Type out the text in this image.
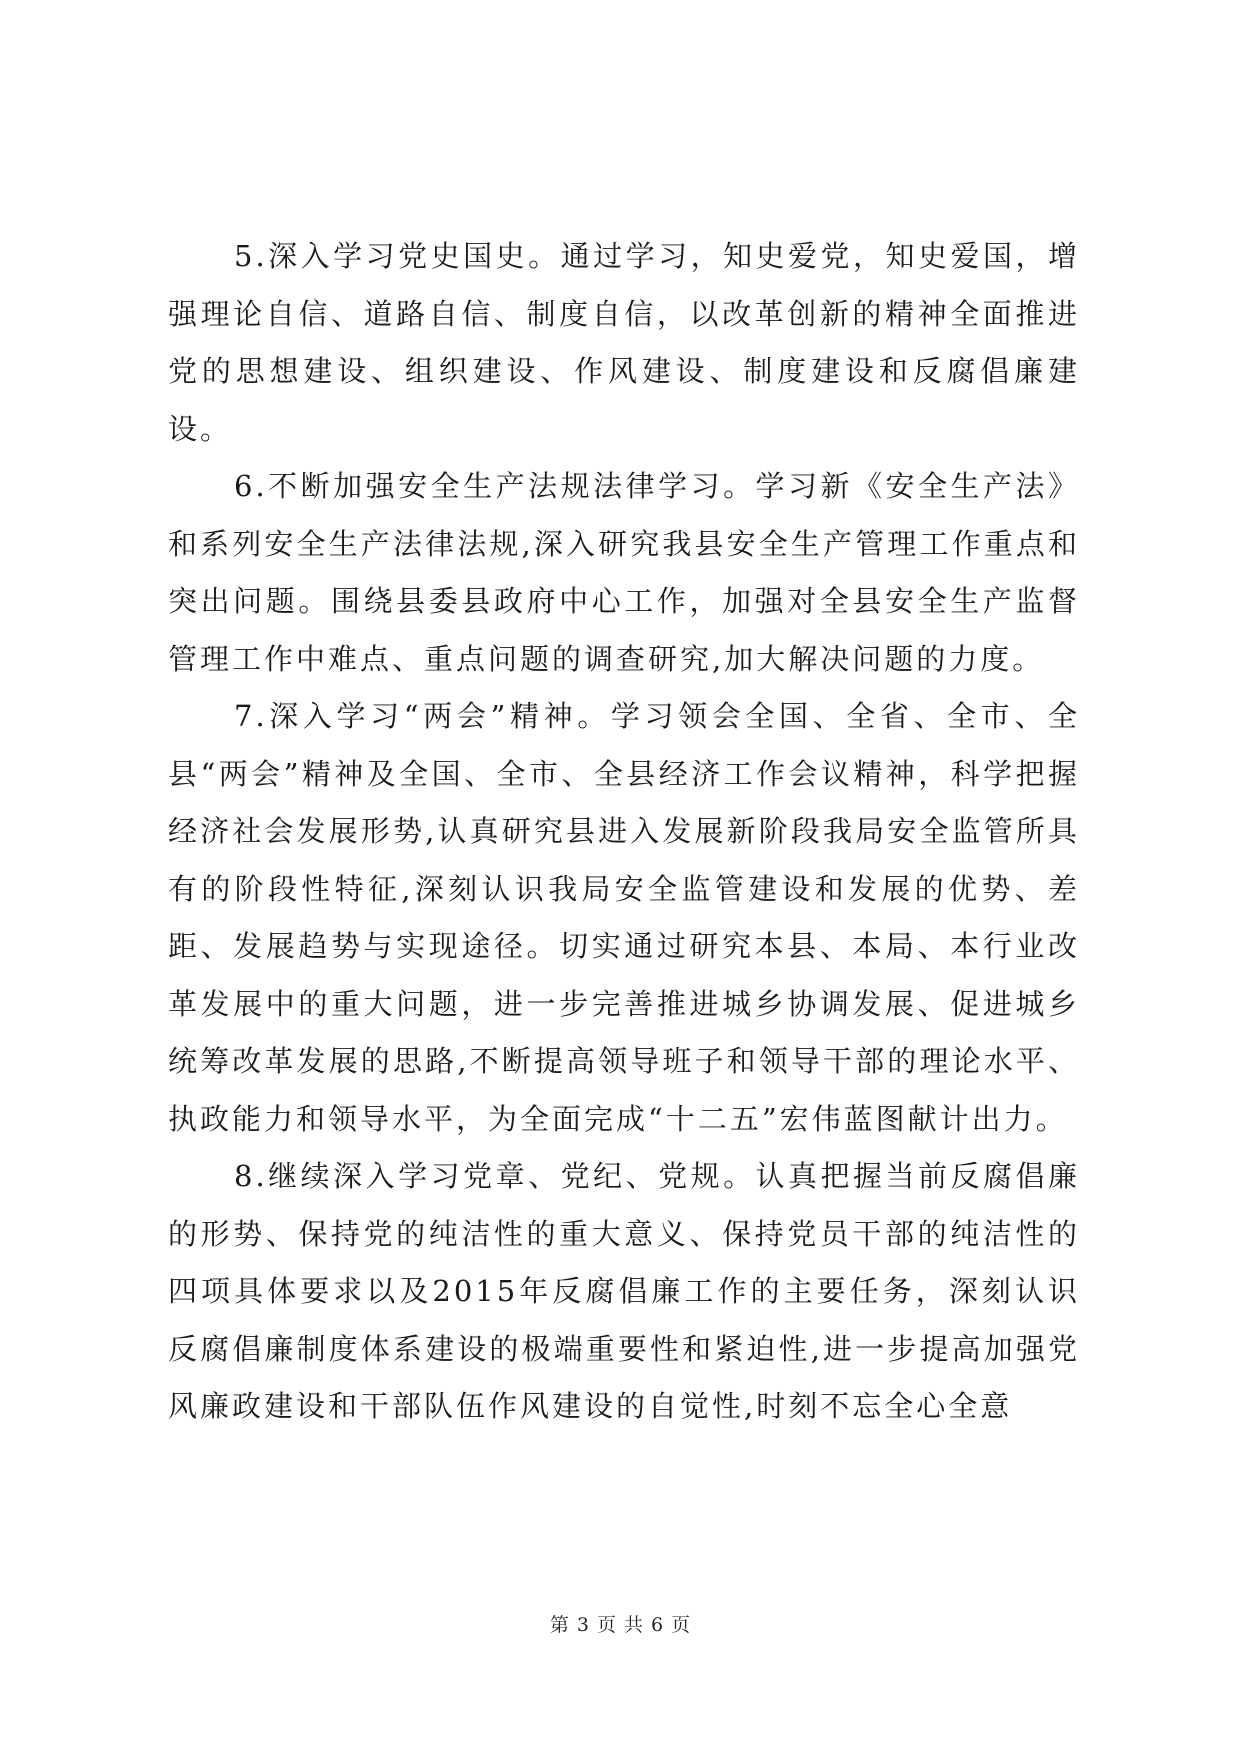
5.深入学习党史国史。通过学习，知史爱党，知史爱国，增强理论自信、道路自信、制度自信，以改革创新的精神全面推进党的思想建设、组织建设、作风建设、制度建设和反腐倡廉建设。

6.不断加强安全生产法规法律学习。学习新《安全生产法》和系列安全生产法律法规,深入研究我县安全生产管理工作重点和突出问题。围绕县委县政府中心工作，加强对全县安全生产监督管理工作中难点、重点问题的调查研究,加大解决问题的力度。

7.深入学习“两会”精神。学习领会全国、全省、全市、全县“两会”精神及全国、全市、全县经济工作会议精神，科学把握经济社会发展形势,认真研究县进入发展新阶段我局安全监管所具有的阶段性特征,深刻认识我局安全监管建设和发展的优势、差距、发展趋势与实现途径。切实通过研究本县、本局、本行业改革发展中的重大问题，进一步完善推进城乡协调发展、促进城乡统筹改革发展的思路,不断提高领导班子和领导干部的理论水平、执政能力和领导水平，为全面完成“十二五”宏伟蓝图献计出力。

8.继续深入学习党章、党纪、党规。认真把握当前反腐倡廉的形势、保持党的纯洁性的重大意义、保持党员干部的纯洁性的四项具体要求以及2015年反腐倡廉工作的主要任务，深刻认识反腐倡廉制度体系建设的极端重要性和紧迫性,进一步提高加强党风廉政建设和干部队伍作风建设的自觉性,时刻不忘全心全意

第 3 页 共 6 页
